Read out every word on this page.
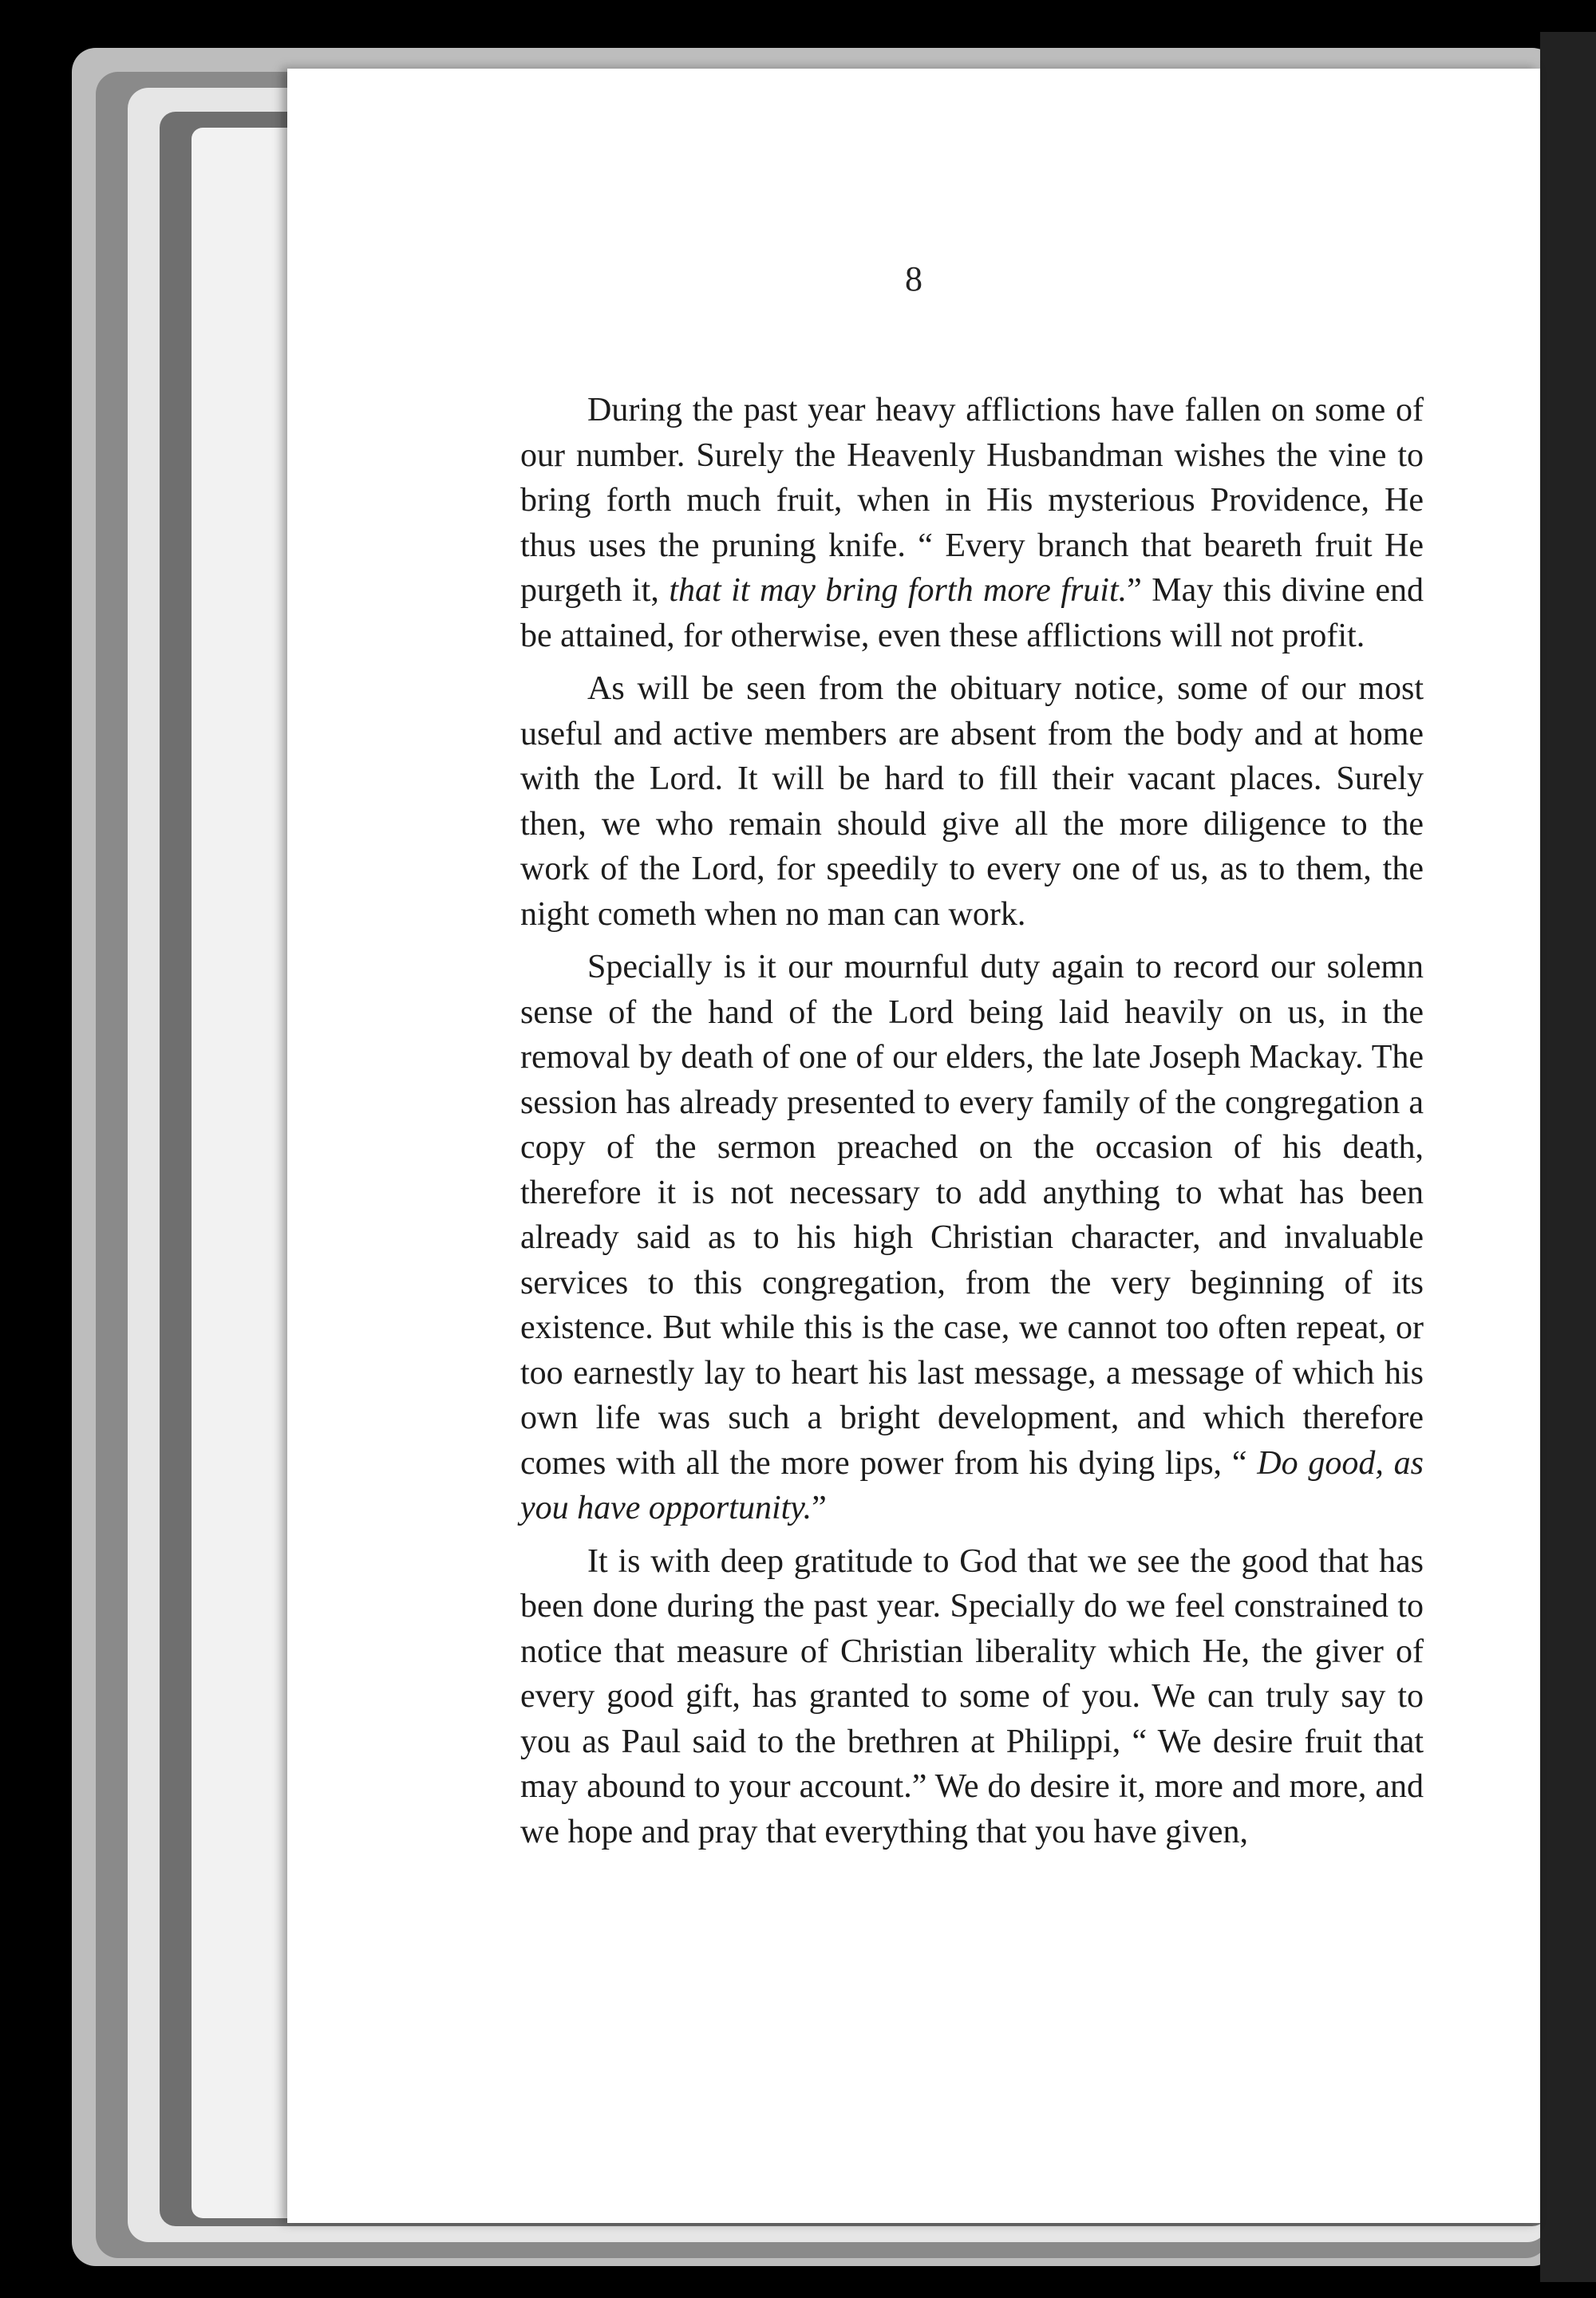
8

During the past year heavy afflictions have fallen on some of our number. Surely the Heavenly Husbandman wishes the vine to bring forth much fruit, when in His mysterious Providence, He thus uses the pruning knife. “ Every branch that beareth fruit He purgeth it, that it may bring forth more fruit.” May this divine end be attained, for otherwise, even these afflictions will not profit.

As will be seen from the obituary notice, some of our most useful and active members are absent from the body and at home with the Lord. It will be hard to fill their vacant places. Surely then, we who remain should give all the more diligence to the work of the Lord, for speedily to every one of us, as to them, the night cometh when no man can work.

Specially is it our mournful duty again to record our solemn sense of the hand of the Lord being laid heavily on us, in the removal by death of one of our elders, the late Joseph Mackay. The session has already presented to every family of the congregation a copy of the sermon preached on the occasion of his death, therefore it is not necessary to add anything to what has been already said as to his high Christian character, and invaluable services to this congregation, from the very beginning of its existence. But while this is the case, we cannot too often repeat, or too earnestly lay to heart his last message, a message of which his own life was such a bright development, and which therefore comes with all the more power from his dying lips, “ Do good, as you have opportunity.”

It is with deep gratitude to God that we see the good that has been done during the past year. Specially do we feel constrained to notice that measure of Christian liberality which He, the giver of every good gift, has granted to some of you. We can truly say to you as Paul said to the brethren at Philippi, “ We desire fruit that may abound to your account.” We do desire it, more and more, and we hope and pray that everything that you have given,
